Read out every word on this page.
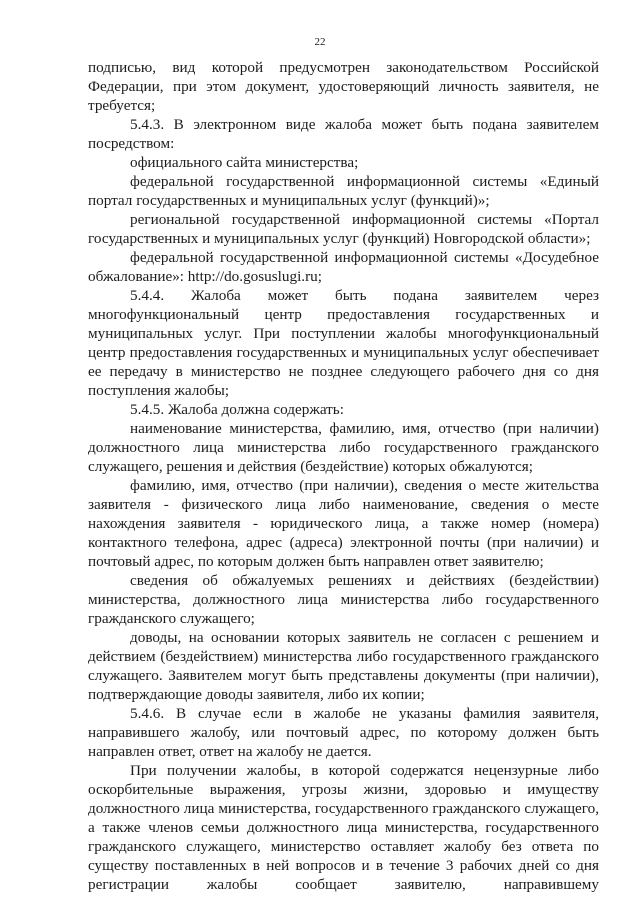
22

подписью, вид которой предусмотрен законодательством Российской Федерации, при этом документ, удостоверяющий личность заявителя, не требуется;

5.4.3. В электронном виде жалоба может быть подана заявителем посредством:

официального сайта министерства;

федеральной государственной информационной системы «Единый портал государственных и муниципальных услуг (функций)»;

региональной государственной информационной системы «Портал государственных и муниципальных услуг (функций) Новгородской области»;

федеральной государственной информационной системы «Досудебное обжалование»: http://do.gosuslugi.ru;

5.4.4. Жалоба может быть подана заявителем через многофункциональный центр предоставления государственных и муниципальных услуг. При поступлении жалобы многофункциональный центр предоставления государственных и муниципальных услуг обеспечивает ее передачу в министерство не позднее следующего рабочего дня со дня поступления жалобы;

5.4.5. Жалоба должна содержать:

наименование министерства, фамилию, имя, отчество (при наличии) должностного лица министерства либо государственного гражданского служащего, решения и действия (бездействие) которых обжалуются;

фамилию, имя, отчество (при наличии), сведения о месте жительства заявителя - физического лица либо наименование, сведения о месте нахождения заявителя - юридического лица, а также номер (номера) контактного телефона, адрес (адреса) электронной почты (при наличии) и почтовый адрес, по которым должен быть направлен ответ заявителю;

сведения об обжалуемых решениях и действиях (бездействии) министерства, должностного лица министерства либо государственного гражданского служащего;

доводы, на основании которых заявитель не согласен с решением и действием (бездействием) министерства либо государственного гражданского служащего. Заявителем могут быть представлены документы (при наличии), подтверждающие доводы заявителя, либо их копии;

5.4.6. В случае если в жалобе не указаны фамилия заявителя, направившего жалобу, или почтовый адрес, по которому должен быть направлен ответ, ответ на жалобу не дается.

При получении жалобы, в которой содержатся нецензурные либо оскорбительные выражения, угрозы жизни, здоровью и имуществу должностного лица министерства, государственного гражданского служащего, а также членов семьи должностного лица министерства, государственного гражданского служащего, министерство оставляет жалобу без ответа по существу поставленных в ней вопросов и в течение 3 рабочих дней со дня регистрации жалобы сообщает заявителю, направившему
